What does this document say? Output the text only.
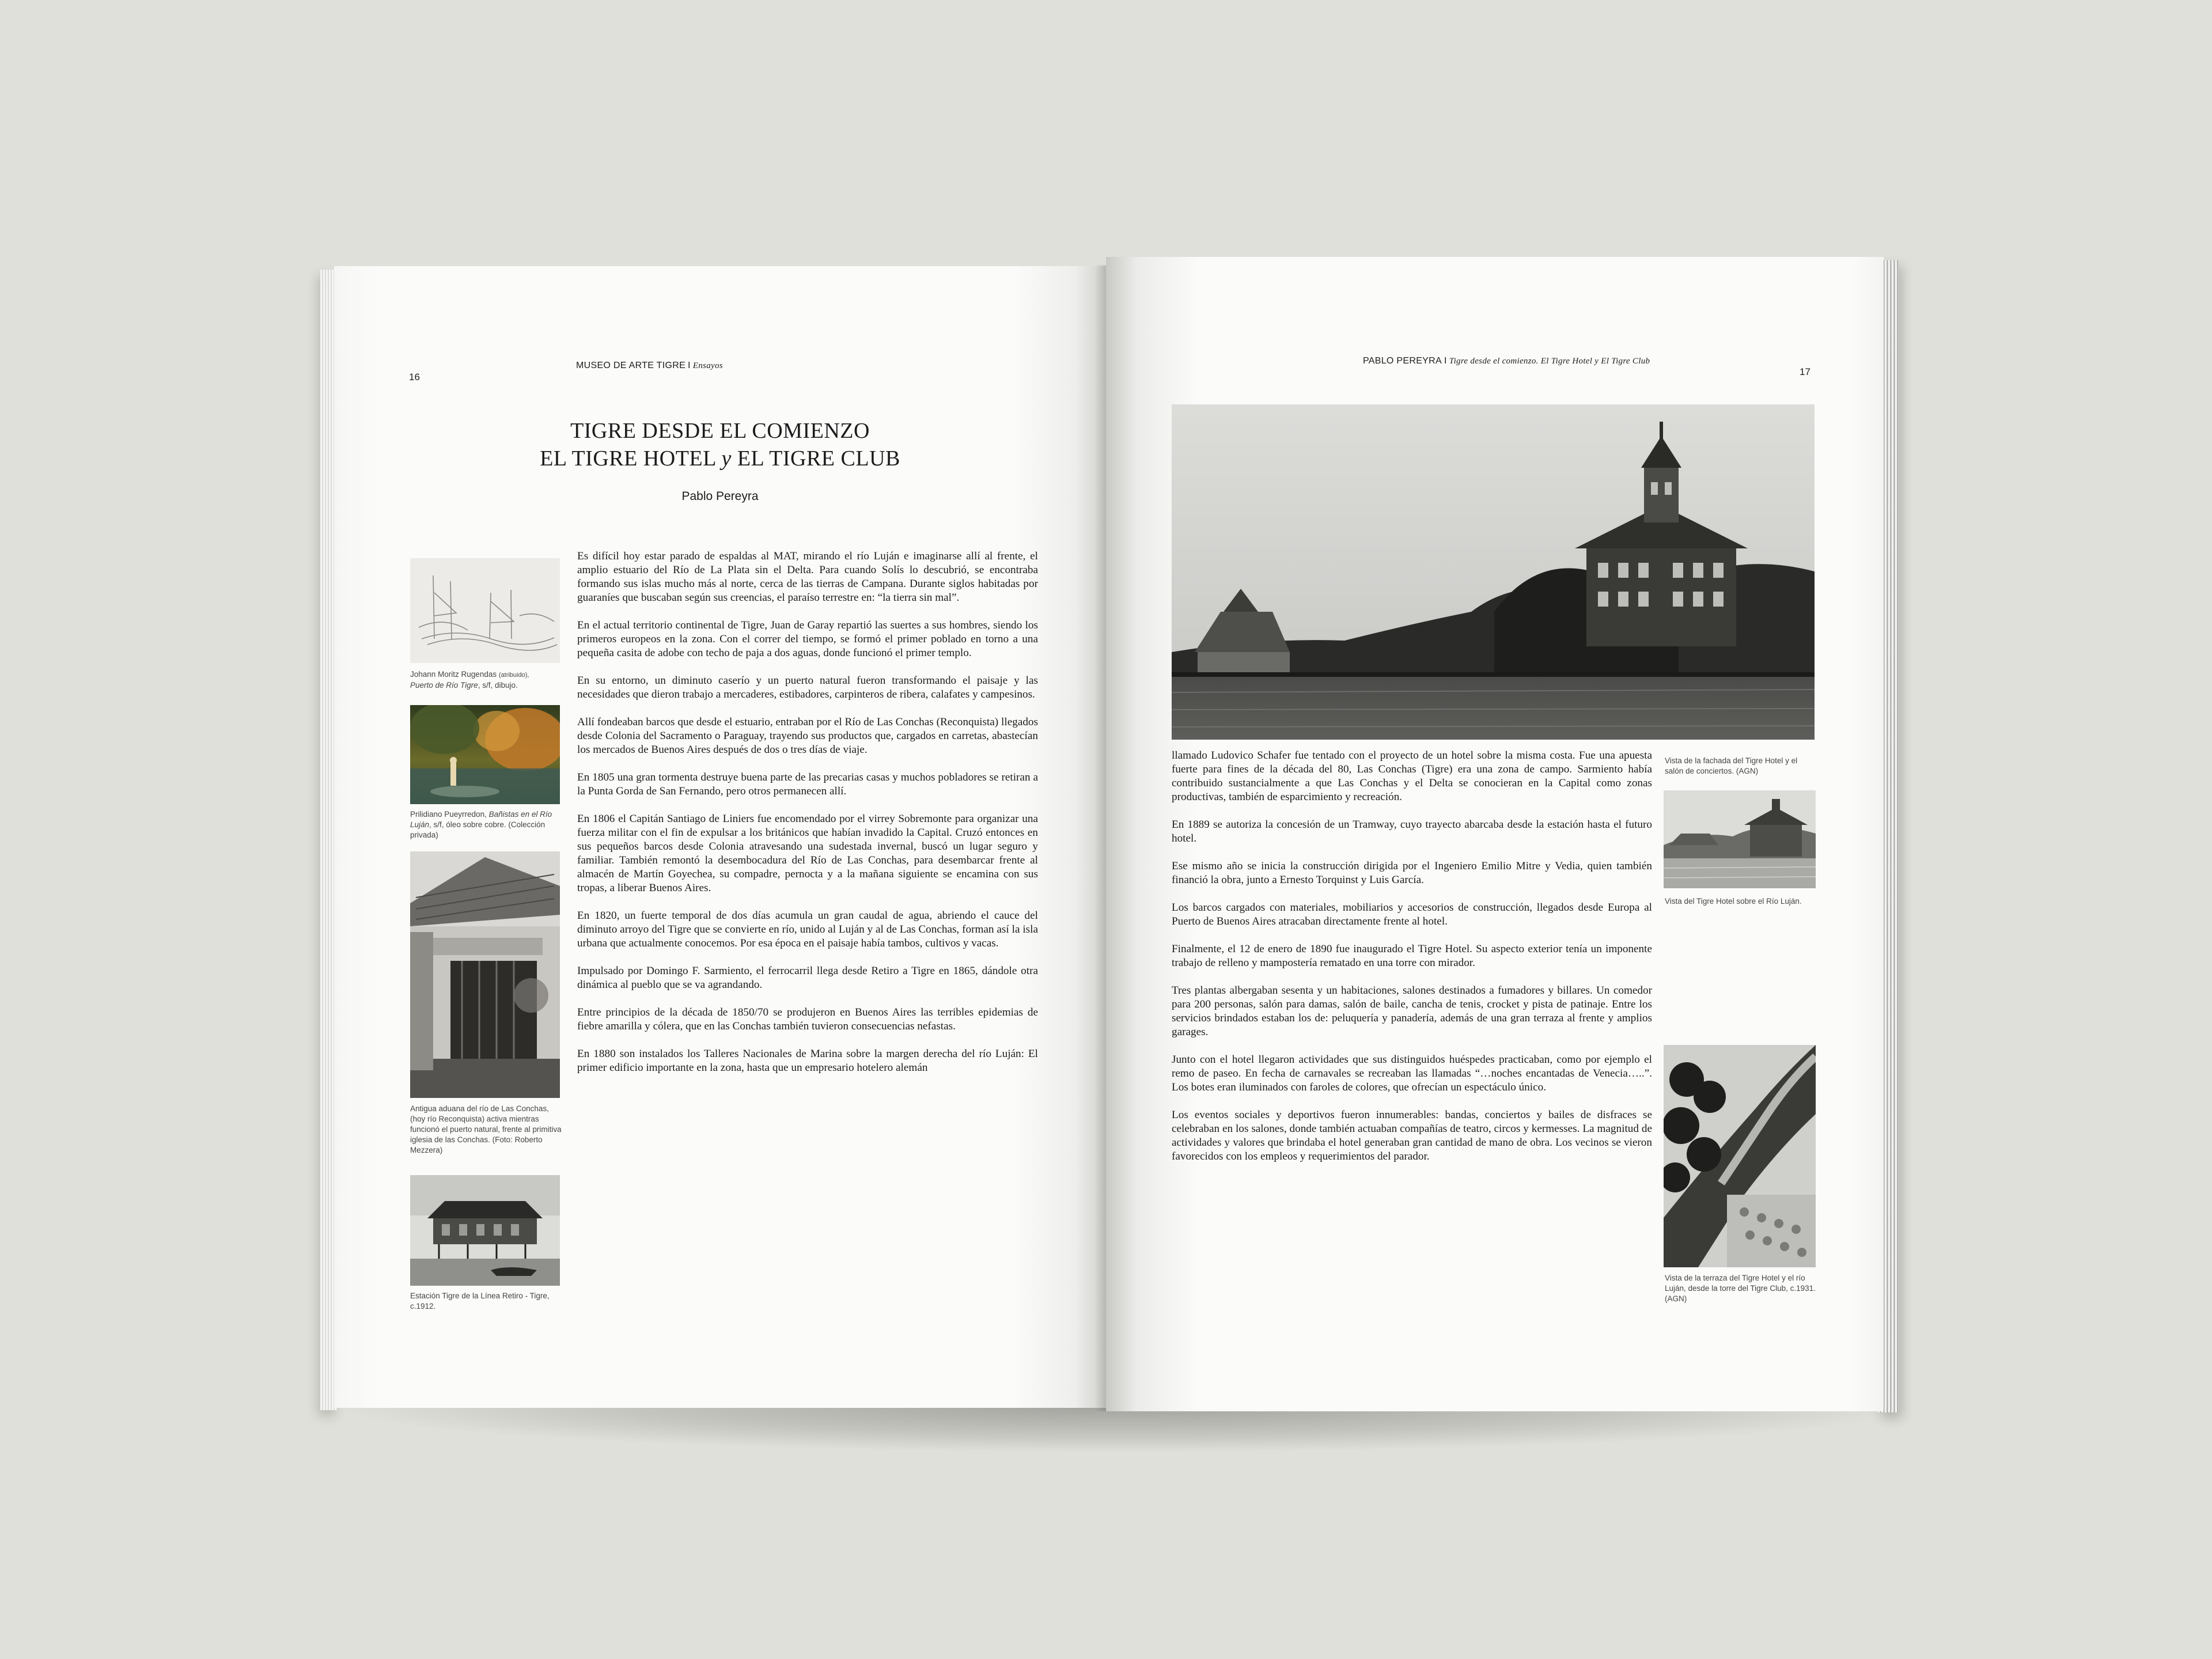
16
MUSEO DE ARTE TIGRE I Ensayos
TIGRE DESDE EL COMIENZO
EL TIGRE HOTEL y EL TIGRE CLUB
Pablo Pereyra
Johann Moritz Rugendas (atribuido),
Puerto de Río Tigre, s/f, dibujo.
Prilidiano Pueyrredon, Bañistas en el Río Luján, s/f, óleo sobre cobre. (Colección privada)
Antigua aduana del río de Las Conchas, (hoy río Reconquista) activa mientras funcionó el puerto natural, frente al primitiva iglesia de las Conchas. (Foto: Roberto Mezzera)
Estación Tigre de la Línea Retiro - Tigre, c.1912.

Es difícil hoy estar parado de espaldas al MAT, mirando el río Luján e imaginarse allí al frente, el amplio estuario del Río de La Plata sin el Delta. Para cuando Solís lo descubrió, se encontraba formando sus islas mucho más al norte, cerca de las tierras de Campana. Durante siglos habitadas por guaraníes que buscaban según sus creencias, el paraíso terrestre en: “la tierra sin mal”.

En el actual territorio continental de Tigre, Juan de Garay repartió las suertes a sus hombres, siendo los primeros europeos en la zona. Con el correr del tiempo, se formó el primer poblado en torno a una pequeña casita de adobe con techo de paja a dos aguas, donde funcionó el primer templo.

En su entorno, un diminuto caserío y un puerto natural fueron transformando el paisaje y las necesidades que dieron trabajo a mercaderes, estibadores, carpinteros de ribera, calafates y campesinos.

Allí fondeaban barcos que desde el estuario, entraban por el Río de Las Conchas (Reconquista) llegados desde Colonia del Sacramento o Paraguay, trayendo sus productos que, cargados en carretas, abastecían los mercados de Buenos Aires después de dos o tres días de viaje.

En 1805 una gran tormenta destruye buena parte de las precarias casas y muchos pobladores se retiran a la Punta Gorda de San Fernando, pero otros permanecen allí.

En 1806 el Capitán Santiago de Liniers fue encomendado por el virrey Sobremonte para organizar una fuerza militar con el fin de expulsar a los británicos que habían invadido la Capital. Cruzó entonces en sus pequeños barcos desde Colonia atravesando una sudestada invernal, buscó un lugar seguro y familiar. También remontó la desembocadura del Río de Las Conchas, para desembarcar frente al almacén de Martín Goyechea, su compadre, pernocta y a la mañana siguiente se encamina con sus tropas, a liberar Buenos Aires.

En 1820, un fuerte temporal de dos días acumula un gran caudal de agua, abriendo el cauce del diminuto arroyo del Tigre que se convierte en río, unido al Luján y al de Las Conchas, forman así la isla urbana que actualmente conocemos. Por esa época en el paisaje había tambos, cultivos y vacas.

Impulsado por Domingo F. Sarmiento, el ferrocarril llega desde Retiro a Tigre en 1865, dándole otra dinámica al pueblo que se va agrandando.

Entre principios de la década de 1850/70 se produjeron en Buenos Aires las terribles epidemias de fiebre amarilla y cólera, que en las Conchas también tuvieron consecuencias nefastas.

En 1880 son instalados los Talleres Nacionales de Marina sobre la margen derecha del río Luján: El primer edificio importante en la zona, hasta que un empresario hotelero alemán

PABLO PEREYRA I Tigre desde el comienzo. El Tigre Hotel y El Tigre Club
17
Vista de la fachada del Tigre Hotel y el salón de conciertos. (AGN)
Vista del Tigre Hotel sobre el Río Luján.
Vista de la terraza del Tigre Hotel y el río Luján, desde la torre del Tigre Club, c.1931. (AGN)

llamado Ludovico Schafer fue tentado con el proyecto de un hotel sobre la misma costa. Fue una apuesta fuerte para fines de la década del 80, Las Conchas (Tigre) era una zona de campo. Sarmiento había contribuido sustancialmente a que Las Conchas y el Delta se conocieran en la Capital como zonas productivas, también de esparcimiento y recreación.

En 1889 se autoriza la concesión de un Tramway, cuyo trayecto abarcaba desde la estación hasta el futuro hotel.

Ese mismo año se inicia la construcción dirigida por el Ingeniero Emilio Mitre y Vedia, quien también financió la obra, junto a Ernesto Torquinst y Luis García.

Los barcos cargados con materiales, mobiliarios y accesorios de construcción, llegados desde Europa al Puerto de Buenos Aires atracaban directamente frente al hotel.

Finalmente, el 12 de enero de 1890 fue inaugurado el Tigre Hotel. Su aspecto exterior tenía un imponente trabajo de relleno y mampostería rematado en una torre con mirador.

Tres plantas albergaban sesenta y un habitaciones, salones destinados a fumadores y billares. Un comedor para 200 personas, salón para damas, salón de baile, cancha de tenis, crocket y pista de patinaje. Entre los servicios brindados estaban los de: peluquería y panadería, además de una gran terraza al frente y amplios garages.

Junto con el hotel llegaron actividades que sus distinguidos huéspedes practicaban, como por ejemplo el remo de paseo. En fecha de carnavales se recreaban las llamadas “…noches encantadas de Venecia…..”. Los botes eran iluminados con faroles de colores, que ofrecían un espectáculo único.

Los eventos sociales y deportivos fueron innumerables: bandas, conciertos y bailes de disfraces se celebraban en los salones, donde también actuaban compañías de teatro, circos y kermesses. La magnitud de actividades y valores que brindaba el hotel generaban gran cantidad de mano de obra. Los vecinos se vieron favorecidos con los empleos y requerimientos del parador.
